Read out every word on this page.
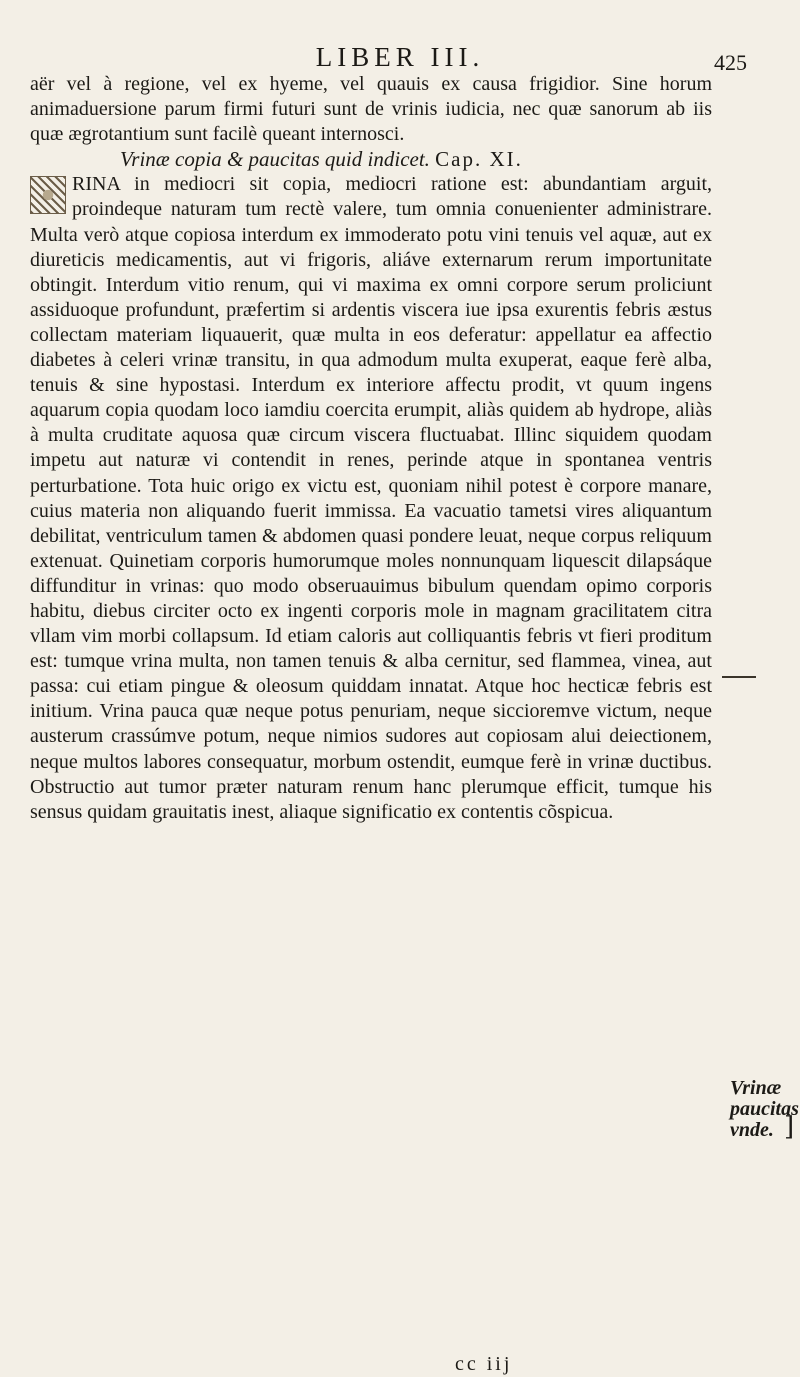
LIBER III.	425

aër vel à regione, vel ex hyeme, vel quauis ex causa frigidior. Sine horum animaduersione parum firmi futuri sunt de vrinis iudicia, nec quæ sanorum ab iis quæ ægrotantium sunt facilè queant internosci.

Vrinæ copia & paucitas quid indicet. Cap. XI.

RINA in mediocri sit copia, mediocri ratione est: abundantiam arguit, proindeque naturam tum rectè valere, tum omnia conuenienter administrare. Multa verò atque copiosa interdum ex immoderato potu vini tenuis vel aquæ, aut ex diureticis medicamentis, aut vi frigoris, aliáve externarum rerum importunitate obtingit. Interdum vitio renum, qui vi maxima ex omni corpore serum proliciunt assiduoque profundunt, præfertim si ardentis viscera iue ipsa exurentis febris æstus collectam materiam liquauerit, quæ multa in eos deferatur: appellatur ea affectio diabetes à celeri vrinæ transitu, in qua admodum multa exuperat, eaque ferè alba, tenuis & sine hypostasi. Interdum ex interiore affectu prodit, vt quum ingens aquarum copia quodam loco iamdiu coercita erumpit, aliàs quidem ab hydrope, aliàs à multa cruditate aquosa quæ circum viscera fluctuabat. Illinc siquidem quodam impetu aut naturæ vi contendit in renes, perinde atque in spontanea ventris perturbatione. Tota huic origo ex victu est, quoniam nihil potest è corpore manare, cuius materia non aliquando fuerit immissa. Ea vacuatio tametsi vires aliquantum debilitat, ventriculum tamen & abdomen quasi pondere leuat, neque corpus reliquum extenuat. Quinetiam corporis humorumque moles nonnunquam liquescit dilapsáque diffunditur in vrinas: quo modo obseruauimus bibulum quendam opimo corporis habitu, diebus circiter octo ex ingenti corporis mole in magnam gracilitatem citra vllam vim morbi collapsum. Id etiam caloris aut colliquantis febris vt fieri proditum est: tumque vrina multa, non tamen tenuis & alba cernitur, sed flammea, vinea, aut passa: cui etiam pingue & oleosum quiddam innatat. Atque hoc hecticæ febris est initium. Vrina pauca quæ neque potus penuriam, neque siccioremve victum, neque austerum crassúmve potum, neque nimios sudores aut copiosam alui deiectionem, neque multos labores consequatur, morbum ostendit, eumque ferè in vrinæ ductibus. Obstructio aut tumor præter naturam renum hanc plerumque efficit, tumque his sensus quidam grauitatis inest, aliaque significatio ex contentis cõspicua.

Vrinæ
paucitas
vnde. ]
cc iij
